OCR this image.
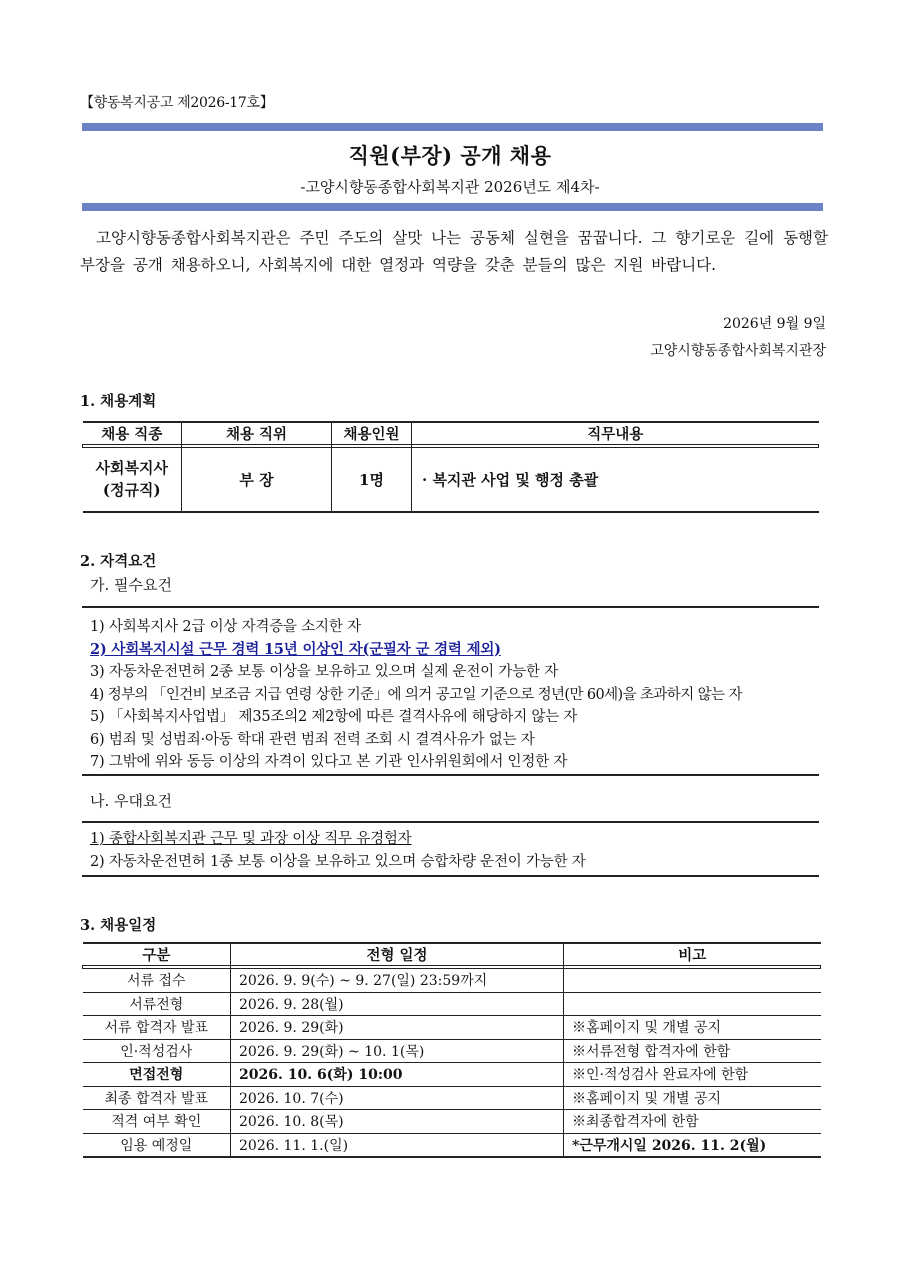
【향동복지공고 제2026-17호】
직원(부장) 공개 채용
-고양시향동종합사회복지관 2026년도 제4차-
고양시향동종합사회복지관은 주민 주도의 살맛 나는 공동체 실현을 꿈꿉니다. 그 향기로운 길에 동행할 부장을 공개 채용하오니, 사회복지에 대한 열정과 역량을 갖춘 분들의 많은 지원 바랍니다.
2026년 9월 9일
고양시향동종합사회복지관장
1. 채용계획
채용 직종	채용 직위	채용인원	직무내용

사회복지사
(정규직)	부 장	1명	· 복지관 사업 및 행정 총괄
2. 자격요건
가. 필수요건
1) 사회복지사 2급 이상 자격증을 소지한 자
2) 사회복지시설 근무 경력 15년 이상인 자(군필자 군 경력 제외)
3) 자동차운전면허 2종 보통 이상을 보유하고 있으며 실제 운전이 가능한 자
4) 정부의 「인건비 보조금 지급 연령 상한 기준」에 의거 공고일 기준으로 정년(만 60세)을 초과하지 않는 자
5) 「사회복지사업법」 제35조의2 제2항에 따른 결격사유에 해당하지 않는 자
6) 범죄 및 성범죄·아동 학대 관련 범죄 전력 조회 시 결격사유가 없는 자
7) 그밖에 위와 동등 이상의 자격이 있다고 본 기관 인사위원회에서 인정한 자
나. 우대요건
1) 종합사회복지관 근무 및 과장 이상 직무 유경험자
2) 자동차운전면허 1종 보통 이상을 보유하고 있으며 승합차량 운전이 가능한 자
3. 채용일정
구분	전형 일정	비고

서류 접수	2026. 9. 9(수) ~ 9. 27(일) 23:59까지	
서류전형	2026. 9. 28(월)	
서류 합격자 발표	2026. 9. 29(화)	※홈페이지 및 개별 공지
인·적성검사	2026. 9. 29(화) ~ 10. 1(목)	※서류전형 합격자에 한함
면접전형	2026. 10. 6(화) 10:00	※인·적성검사 완료자에 한함
최종 합격자 발표	2026. 10. 7(수)	※홈페이지 및 개별 공지
적격 여부 확인	2026. 10. 8(목)	※최종합격자에 한함
임용 예정일	2026. 11. 1.(일)	*근무개시일 2026. 11. 2(월)
